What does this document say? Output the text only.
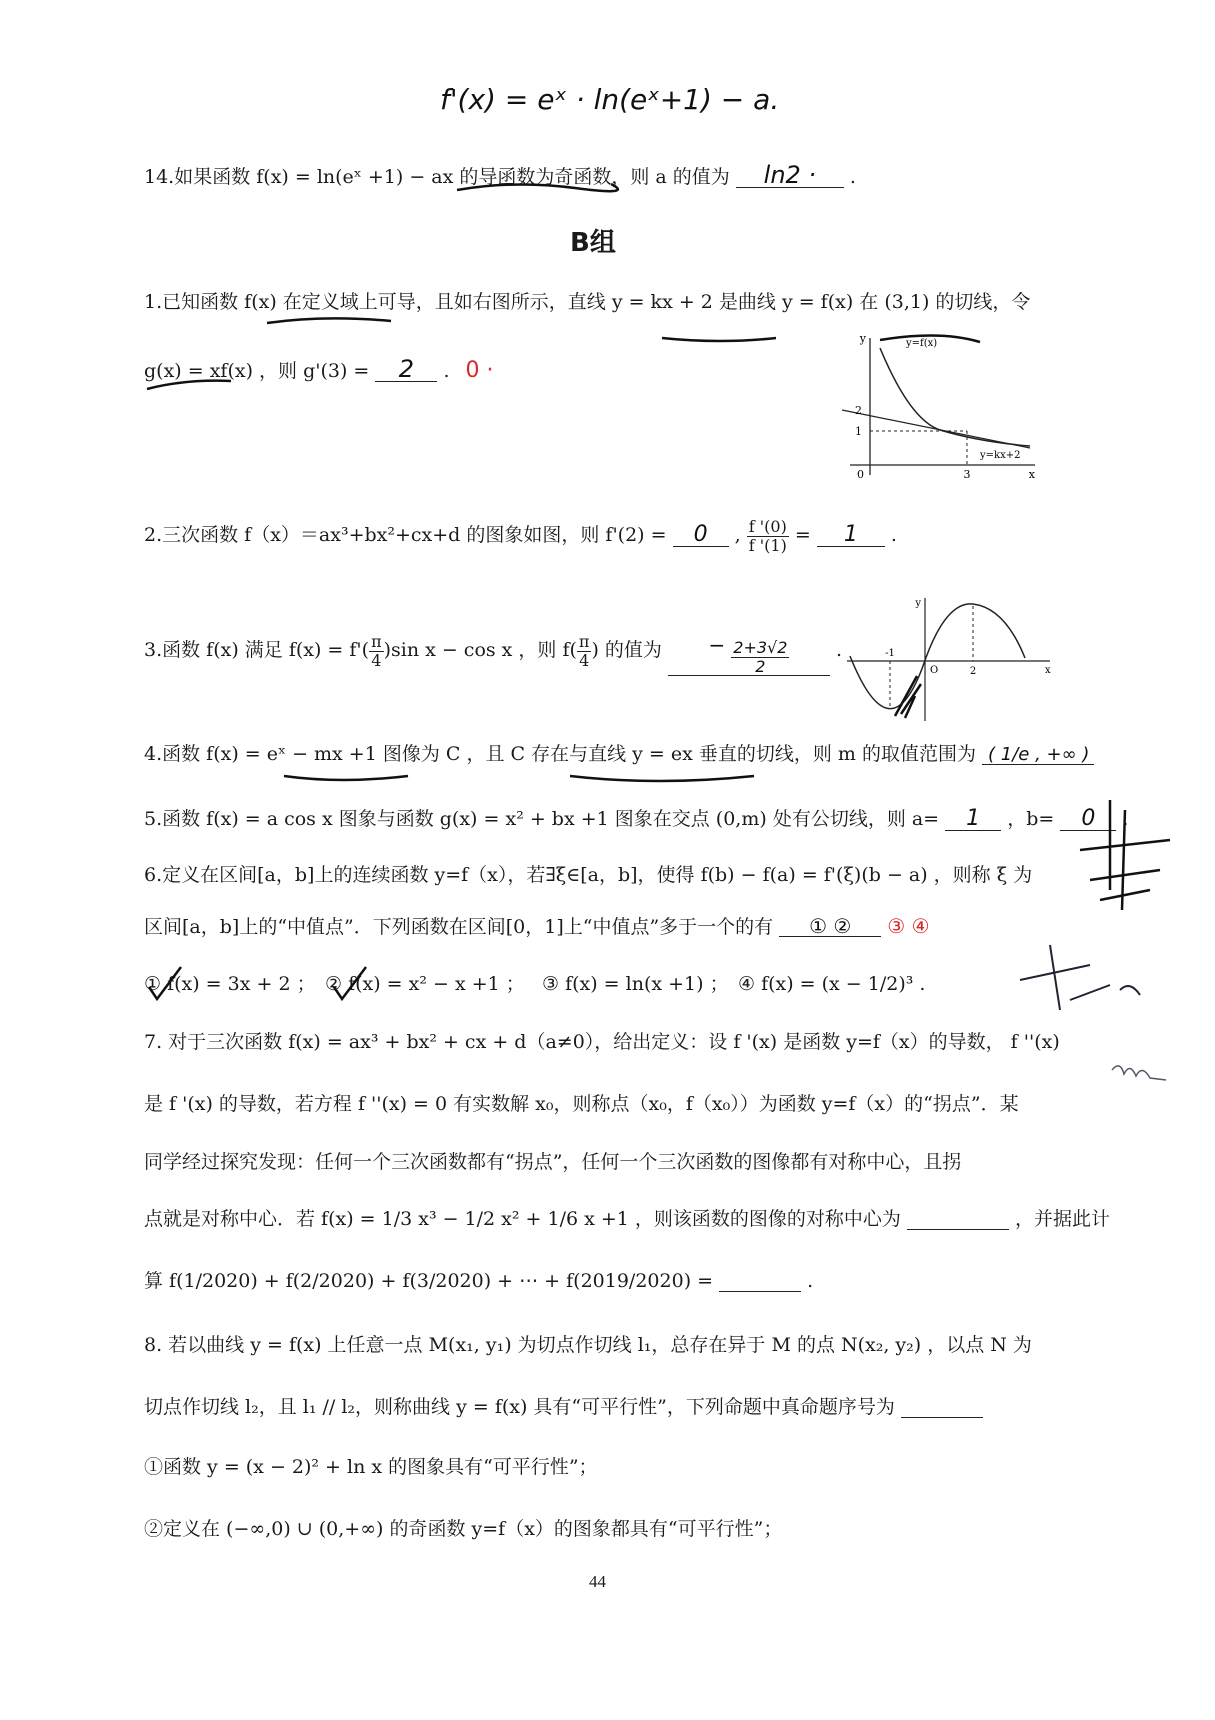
f'(x) = eˣ · ln(eˣ+1) − a.
14.如果函数 f(x) = ln(eˣ +1) − ax 的导函数为奇函数，则 a 的值为 ln2 · .
B组
1.已知函数 f(x) 在定义域上可导，且如右图所示，直线 y = kx + 2 是曲线 y = f(x) 在 (3,1) 的切线，令
g(x) = xf(x) ，则 g'(3) = 2 . 0 ·
y	y=f(x)
y=kx+2
2
1
3
0	x
2.三次函数 f（x）＝ax³+bx²+cx+d 的图象如图，则 f'(2) = 0 , $\frac{f '(0)}{f '(1)} = 1$ .
3.函数 f(x) 满足 $f(x) = f'( \frac{\pi}{4} )\sin$ x − cos x ，则 $f( \frac{\pi}{4}$ ) 的值为 − $\frac{2+3√2}{2}$ .
y
-1
O	2	x
4.函数 f(x) = eˣ − mx +1 图像为 C ，且 C 存在与直线 y = ex 垂直的切线，则 m 的取值范围为 ( 1/e , +∞ )
5.函数 f(x) = a cos x 图象与函数 g(x) = x² + bx +1 图象在交点 (0,m) 处有公切线，则 a= 1 ，b= 0 .
6.定义在区间[a，b]上的连续函数 y=f（x），若∃ξ∈[a，b]，使得 f(b) − f(a) = f'(ξ)(b − a) ，则称 ξ 为
区间[a，b]上的“中值点”．下列函数在区间[0，1]上“中值点”多于一个的有 ① ② ③ ④
① f(x) = 3x + 2 ； ② f(x) = x² − x +1 ； ③ f(x) = ln(x +1) ； ④ f(x) = (x − 1/2)³ .
7. 对于三次函数 f(x) = ax³ + bx² + cx + d（a≠0），给出定义：设 f '(x) 是函数 y=f（x）的导数， f ''(x)
是 f '(x) 的导数，若方程 f ''(x) = 0 有实数解 x₀，则称点（x₀，f（x₀））为函数 y=f（x）的“拐点”．某
同学经过探究发现：任何一个三次函数都有“拐点”，任何一个三次函数的图像都有对称中心，且拐
点就是对称中心．若 f(x) = 1/3 x³ − 1/2 x² + 1/6 x +1 ，则该函数的图像的对称中心为	，并据此计
算 f(1/2020) + f(2/2020) + f(3/2020) + ⋯ + f(2019/2020) =	.
8. 若以曲线 y = f(x) 上任意一点 M(x₁, y₁) 为切点作切线 l₁，总存在异于 M 的点 N(x₂, y₂) ，以点 N 为
切点作切线 l₂，且 l₁ // l₂，则称曲线 y = f(x) 具有“可平行性”，下列命题中真命题序号为
①函数 y = (x − 2)² + ln x 的图象具有“可平行性”；
②定义在 (−∞,0) ∪ (0,+∞) 的奇函数 y=f（x）的图象都具有“可平行性”；
44
